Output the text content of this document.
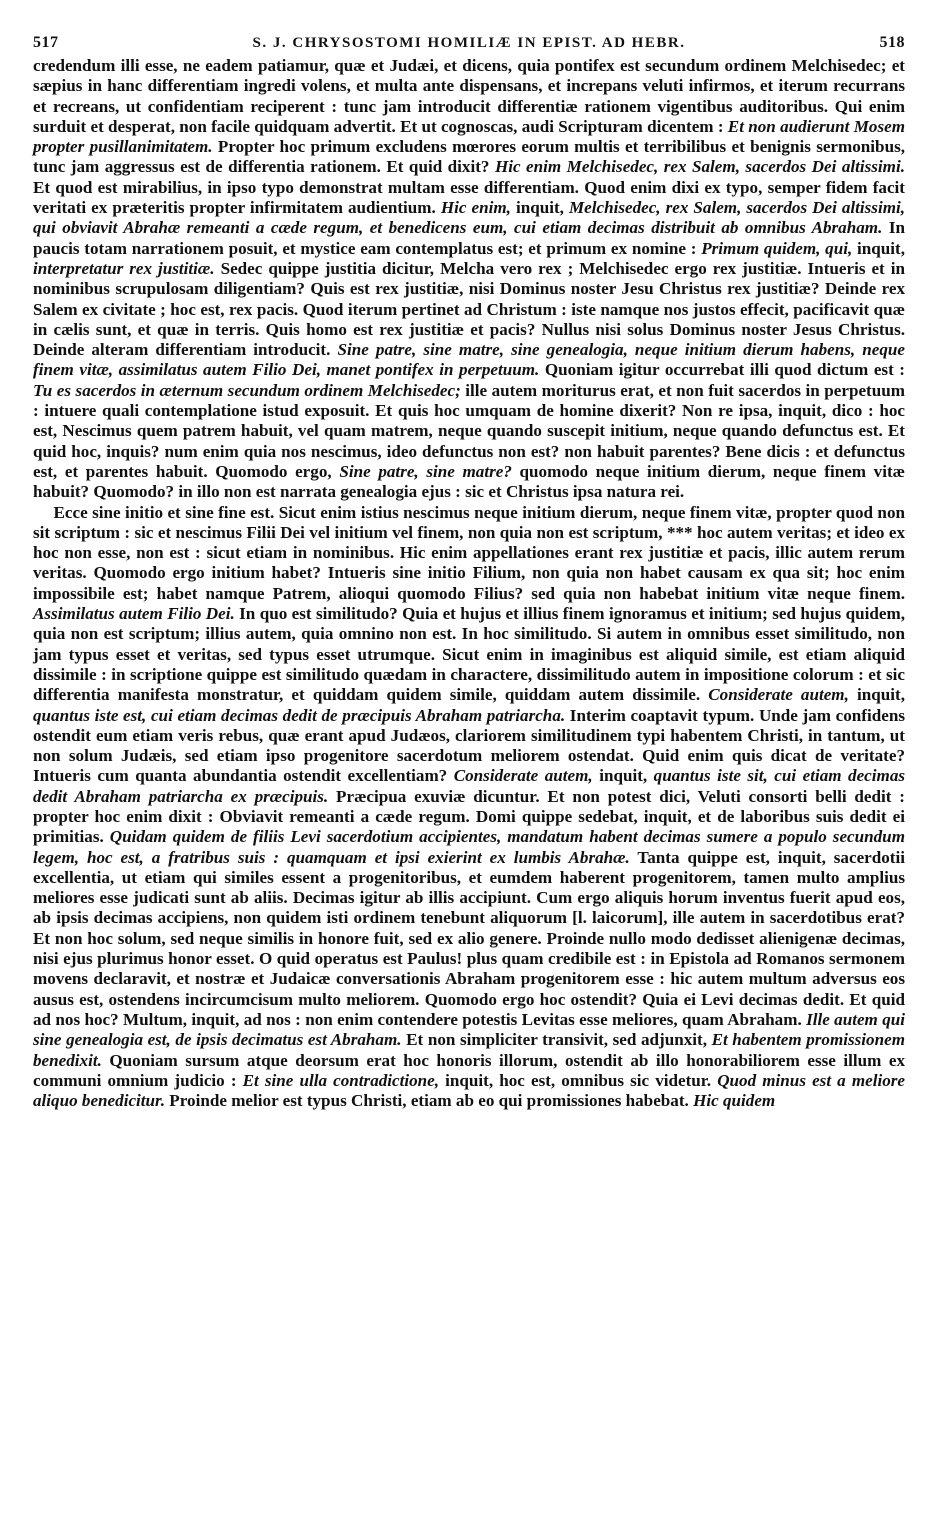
517	S. J. CHRYSOSTOMI HOMILIÆ IN EPIST. AD HEBR.	518

credendum illi esse, ne eadem patiamur, quæ et Judæi, et dicens, quia pontifex est secundum ordinem Melchisedec; et sæpius in hanc differentiam ingredi volens, et multa ante dispensans, et increpans veluti infirmos, et iterum recurrans et recreans, ut confidentiam reciperent : tunc jam introducit differentiæ rationem vigentibus auditoribus. Qui enim surduit et desperat, non facile quidquam advertit. Et ut cognoscas, audi Scripturam dicentem : Et non audierunt Mosem propter pusillanimitatem. Propter hoc primum excludens mœrores eorum multis et terribilibus et benignis sermonibus, tunc jam aggressus est de differentia rationem. Et quid dixit? Hic enim Melchisedec, rex Salem, sacerdos Dei altissimi. Et quod est mirabilius, in ipso typo demonstrat multam esse differentiam. Quod enim dixi ex typo, semper fidem facit veritati ex præteritis propter infirmitatem audientium. Hic enim, inquit, Melchisedec, rex Salem, sacerdos Dei altissimi, qui obviavit Abrahæ remeanti a cæde regum, et benedicens eum, cui etiam decimas distribuit ab omnibus Abraham. In paucis totam narrationem posuit, et mystice eam contemplatus est; et primum ex nomine : Primum quidem, qui, inquit, interpretatur rex justitiæ. Sedec quippe justitia dicitur, Melcha vero rex ; Melchisedec ergo rex justitiæ. Intueris et in nominibus scrupulosam diligentiam? Quis est rex justitiæ, nisi Dominus noster Jesu Christus rex justitiæ? Deinde rex Salem ex civitate ; hoc est, rex pacis. Quod iterum pertinet ad Christum : iste namque nos justos effecit, pacificavit quæ in cælis sunt, et quæ in terris. Quis homo est rex justitiæ et pacis? Nullus nisi solus Dominus noster Jesus Christus. Deinde alteram differentiam introducit. Sine patre, sine matre, sine genealogia, neque initium dierum habens, neque finem vitæ, assimilatus autem Filio Dei, manet pontifex in perpetuum. Quoniam igitur occurrebat illi quod dictum est : Tu es sacerdos in æternum secundum ordinem Melchisedec; ille autem moriturus erat, et non fuit sacerdos in perpetuum : intuere quali contemplatione istud exposuit. Et quis hoc umquam de homine dixerit? Non re ipsa, inquit, dico : hoc est, Nescimus quem patrem habuit, vel quam matrem, neque quando suscepit initium, neque quando defunctus est. Et quid hoc, inquis? num enim quia nos nescimus, ideo defunctus non est? non habuit parentes? Bene dicis : et defunctus est, et parentes habuit. Quomodo ergo, Sine patre, sine matre? quomodo neque initium dierum, neque finem vitæ habuit? Quomodo? in illo non est narrata genealogia ejus : sic et Christus ipsa natura rei.

Ecce sine initio et sine fine est. Sicut enim istius nescimus neque initium dierum, neque finem vitæ, propter quod non sit scriptum : sic et nescimus Filii Dei vel initium vel finem, non quia non est scriptum, *** hoc autem veritas; et ideo ex hoc non esse, non est : sicut etiam in nominibus. Hic enim appellationes erant rex justitiæ et pacis, illic autem rerum veritas. Quomodo ergo initium habet? Intueris sine initio Filium, non quia non habet causam ex qua sit; hoc enim impossibile est; habet namque Patrem, alioqui quomodo Filius? sed quia non habebat initium vitæ neque finem. Assimilatus autem Filio Dei. In quo est similitudo? Quia et hujus et illius finem ignoramus et initium; sed hujus quidem, quia non est scriptum; illius autem, quia omnino non est. In hoc similitudo. Si autem in omnibus esset similitudo, non jam typus esset et veritas, sed typus esset utrumque. Sicut enim in imaginibus est aliquid simile, est etiam aliquid dissimile : in scriptione quippe est similitudo quædam in charactere, dissimilitudo autem in impositione colorum : et sic differentia manifesta monstratur, et quiddam quidem simile, quiddam autem dissimile. Considerate autem, inquit, quantus iste est, cui etiam decimas dedit de præcipuis Abraham patriarcha. Interim coaptavit typum. Unde jam confidens ostendit eum etiam veris rebus, quæ erant apud Judæos, clariorem similitudinem typi habentem Christi, in tantum, ut non solum Judæis, sed etiam ipso progenitore sacerdotum meliorem ostendat. Quid enim quis dicat de veritate? Intueris cum quanta abundantia ostendit excellentiam? Considerate autem, inquit, quantus iste sit, cui etiam decimas dedit Abraham patriarcha ex præcipuis. Præcipua exuviæ dicuntur. Et non potest dici, Veluti consorti belli dedit : propter hoc enim dixit : Obviavit remeanti a cæde regum. Domi quippe sedebat, inquit, et de laboribus suis dedit ei primitias. Quidam quidem de filiis Levi sacerdotium accipientes, mandatum habent decimas sumere a populo secundum legem, hoc est, a fratribus suis : quamquam et ipsi exierint ex lumbis Abrahæ. Tanta quippe est, inquit, sacerdotii excellentia, ut etiam qui similes essent a progenitoribus, et eumdem haberent progenitorem, tamen multo amplius meliores esse judicati sunt ab aliis. Decimas igitur ab illis accipiunt. Cum ergo aliquis horum inventus fuerit apud eos, ab ipsis decimas accipiens, non quidem isti ordinem tenebunt aliquorum [l. laicorum], ille autem in sacerdotibus erat? Et non hoc solum, sed neque similis in honore fuit, sed ex alio genere. Proinde nullo modo dedisset alienigenæ decimas, nisi ejus plurimus honor esset. O quid operatus est Paulus! plus quam credibile est : in Epistola ad Romanos sermonem movens declaravit, et nostræ et Judaicæ conversationis Abraham progenitorem esse : hic autem multum adversus eos ausus est, ostendens incircumcisum multo meliorem. Quomodo ergo hoc ostendit? Quia ei Levi decimas dedit. Et quid ad nos hoc? Multum, inquit, ad nos : non enim contendere potestis Levitas esse meliores, quam Abraham. Ille autem qui sine genealogia est, de ipsis decimatus est Abraham. Et non simpliciter transivit, sed adjunxit, Et habentem promissionem benedixit. Quoniam sursum atque deorsum erat hoc honoris illorum, ostendit ab illo honorabiliorem esse illum ex communi omnium judicio : Et sine ulla contradictione, inquit, hoc est, omnibus sic videtur. Quod minus est a meliore aliquo benedicitur. Proinde melior est typus Christi, etiam ab eo qui promissiones habebat. Hic quidem
